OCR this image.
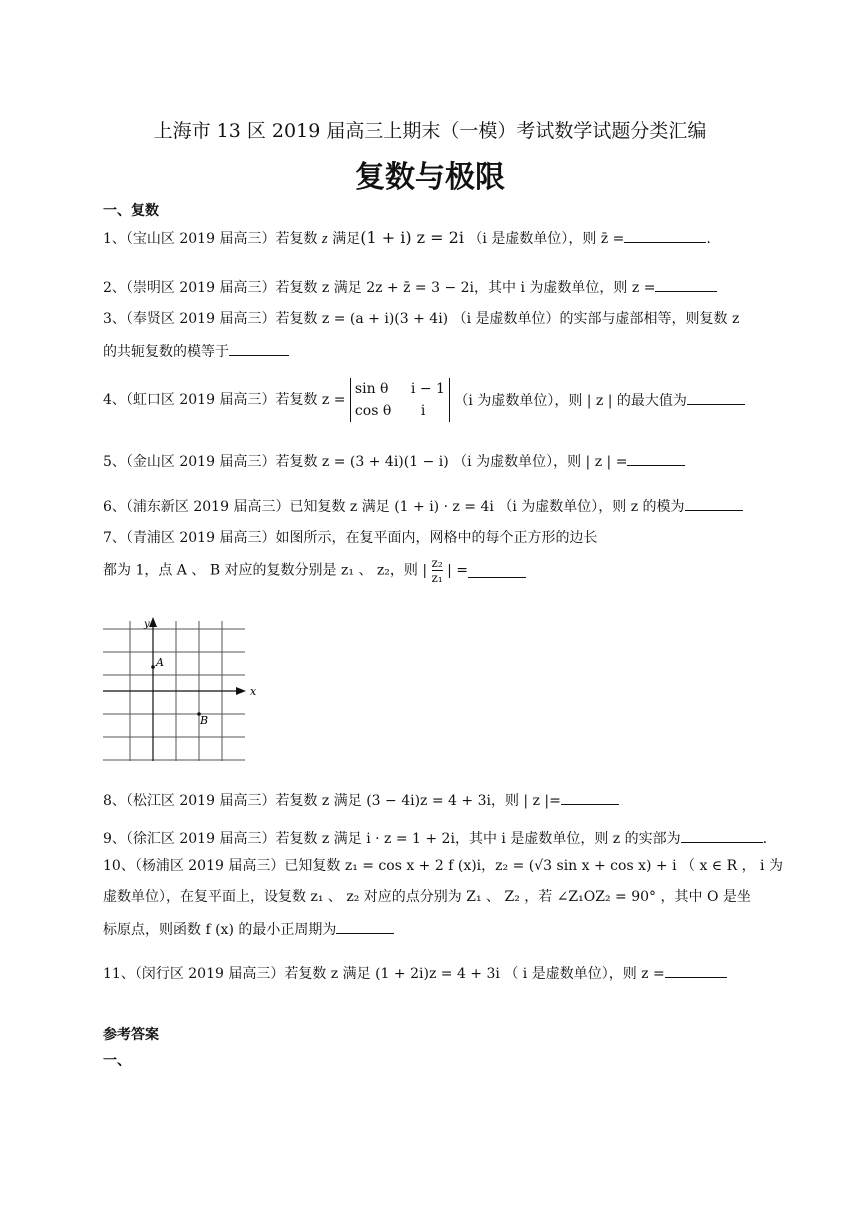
上海市 13 区 2019 届高三上期末（一模）考试数学试题分类汇编
复数与极限
一、复数
1、（宝山区 2019 届高三）若复数 z 满足(1 + i) z = 2i （i 是虚数单位），则 z̄ =	.
2、（崇明区 2019 届高三）若复数 z 满足 2z + z̄ = 3 − 2i，其中 i 为虚数单位，则 z =
3、（奉贤区 2019 届高三）若复数 z = (a + i)(3 + 4i) （i 是虚数单位）的实部与虚部相等，则复数 z
的共轭复数的模等于
4、（虹口区 2019 届高三）若复数 z =
sin θ i − 1
cos θ i
（i 为虚数单位），则 | z | 的最大值为
5、（金山区 2019 届高三）若复数 z = (3 + 4i)(1 − i) （i 为虚数单位），则 | z | =
6、（浦东新区 2019 届高三）已知复数 z 满足 (1 + i) · z = 4i （i 为虚数单位），则 z 的模为
7、（青浦区 2019 届高三）如图所示，在复平面内，网格中的每个正方形的边长
都为 1，点 A 、 B 对应的复数分别是 z₁ 、 z₂，则 | $\frac{\text{z₂}}{\text{z₁}}$ | =
x
y
A
B
8、（松江区 2019 届高三）若复数 z 满足 (3 − 4i)z = 4 + 3i，则 | z |=
9、（徐汇区 2019 届高三）若复数 z 满足 i · z = 1 + 2i，其中 i 是虚数单位，则 z 的实部为	.
10、（杨浦区 2019 届高三）已知复数 z₁ = cos x + 2 f (x)i，z₂ = (√3 sin x + cos x) + i （ x ∈ R ， i 为
虚数单位），在复平面上，设复数 z₁ 、 z₂ 对应的点分别为 Z₁ 、 Z₂ ，若 ∠Z₁OZ₂ = 90° ，其中 O 是坐
标原点，则函数 f (x) 的最小正周期为
11、（闵行区 2019 届高三）若复数 z 满足 (1 + 2i)z = 4 + 3i （ i 是虚数单位），则 z =
参考答案
一、
